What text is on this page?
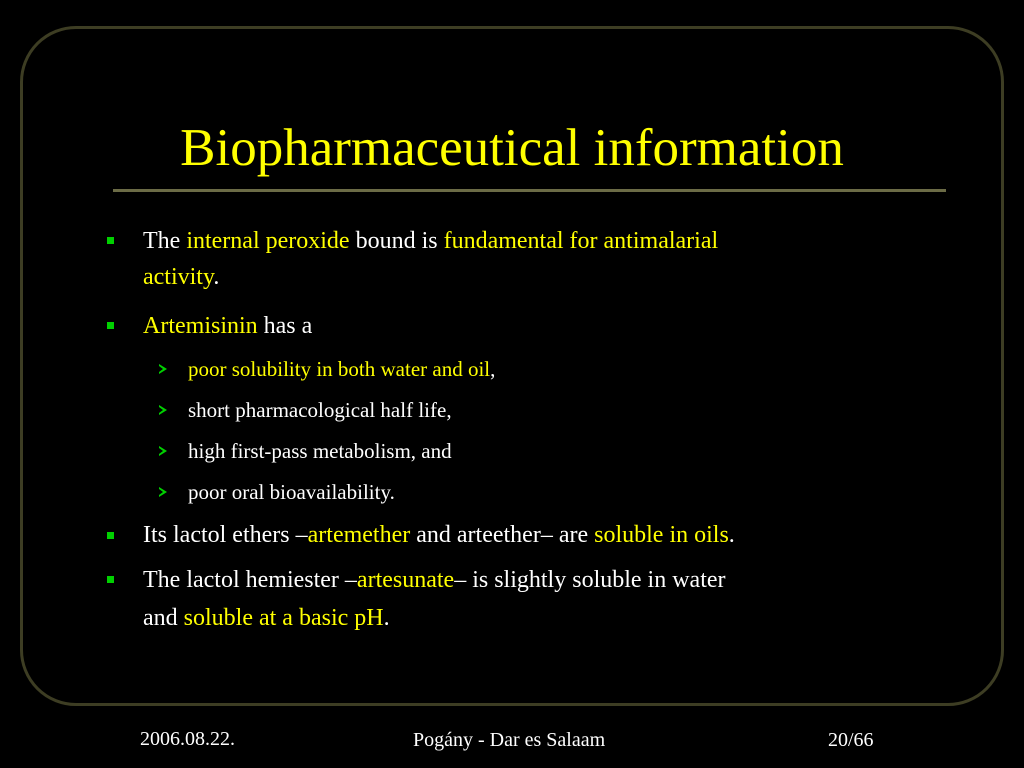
Biopharmaceutical information
The internal peroxide bound is fundamental for antimalarial
activity.
Artemisinin has a
poor solubility in both water and oil,
short pharmacological half life,
high first-pass metabolism, and
poor oral bioavailability.
Its lactol ethers –artemether and arteether– are soluble in oils.
The lactol hemiester –artesunate– is slightly soluble in water
and soluble at a basic pH.
2006.08.22.	Pogány - Dar es Salaam	20/66
